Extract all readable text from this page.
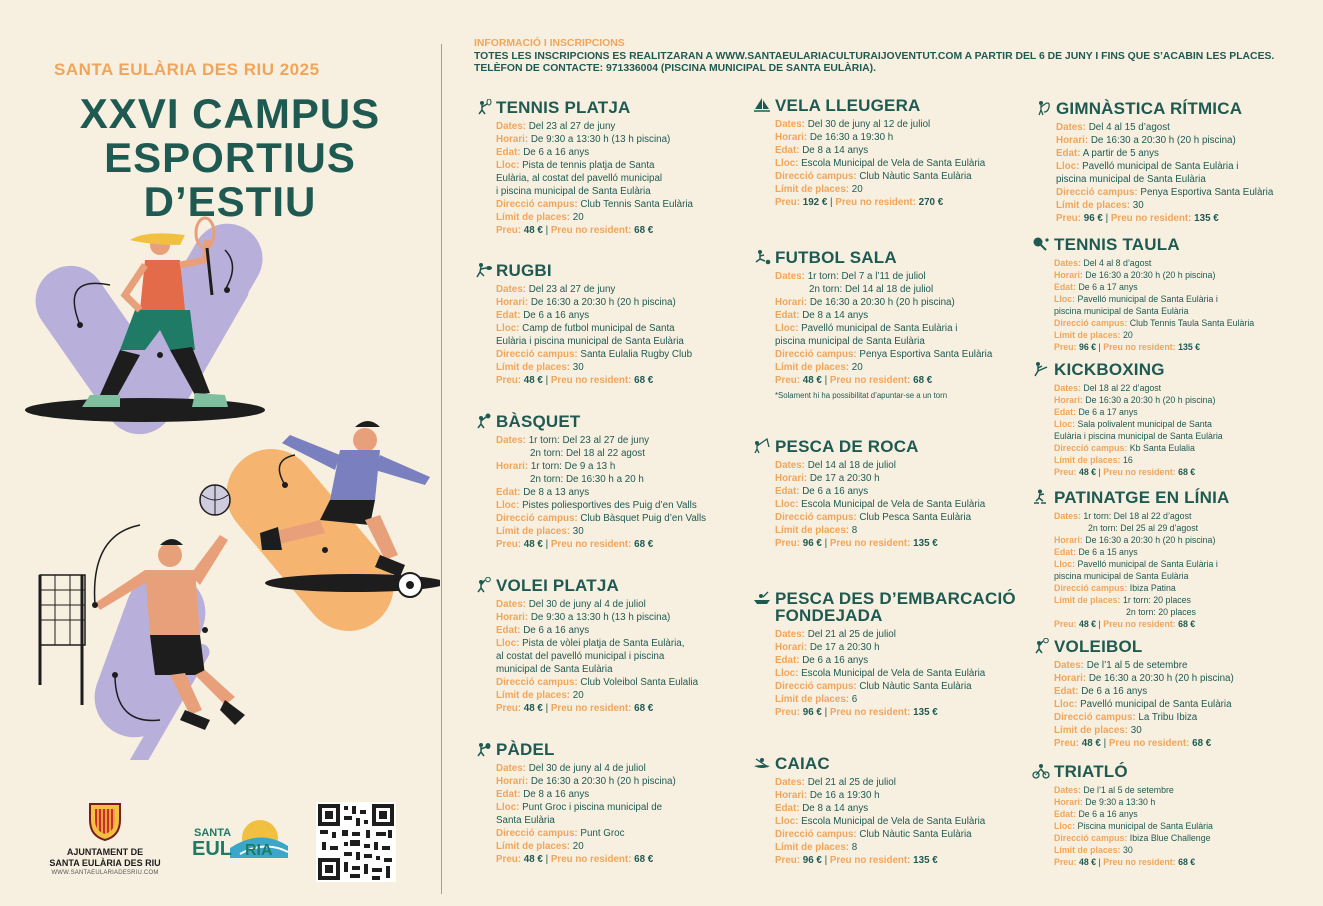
SANTA EULÀRIA DES RIU 2025
XXVI CAMPUS
ESPORTIUS
D’ESTIU
AJUNTAMENT DE
SANTA EULÀRIA DES RIU
WWW.SANTAEULARIADESRIU.COM
SANTA
EUL RIA
INFORMACIÓ I INSCRIPCIONS
TOTES LES INSCRIPCIONS ES REALITZARAN A WWW.SANTAEULARIACULTURAIJOVENTUT.COM A PARTIR DEL 6 DE JUNY I FINS QUE S’ACABIN LES PLACES.
TELÈFON DE CONTACTE: 971336004 (PISCINA MUNICIPAL DE SANTA EULÀRIA).
TENNIS PLATJA
Dates: Del 23 al 27 de juny
Horari: De 9:30 a 13:30 h (13 h piscina)
Edat: De 6 a 16 anys
Lloc: Pista de tennis platja de Santa
Eulària, al costat del pavelló municipal
i piscina municipal de Santa Eulària
Direcció campus: Club Tennis Santa Eulària
Límit de places: 20
Preu: 48 € | Preu no resident: 68 €
RUGBI
Dates: Del 23 al 27 de juny
Horari: De 16:30 a 20:30 h (20 h piscina)
Edat: De 6 a 16 anys
Lloc: Camp de futbol municipal de Santa
Eulària i piscina municipal de Santa Eulària
Direcció campus: Santa Eulalia Rugby Club
Límit de places: 30
Preu: 48 € | Preu no resident: 68 €
BÀSQUET
Dates: 1r torn: Del 23 al 27 de juny
2n torn: Del 18 al 22 agost
Horari: 1r torn: De 9 a 13 h
2n torn: De 16:30 h a 20 h
Edat: De 8 a 13 anys
Lloc: Pistes poliesportives des Puig d’en Valls
Direcció campus: Club Bàsquet Puig d’en Valls
Límit de places: 30
Preu: 48 € | Preu no resident: 68 €
VOLEI PLATJA
Dates: Del 30 de juny al 4 de juliol
Horari: De 9:30 a 13:30 h (13 h piscina)
Edat: De 6 a 16 anys
Lloc: Pista de vòlei platja de Santa Eulària,
al costat del pavelló municipal i piscina
municipal de Santa Eulària
Direcció campus: Club Voleibol Santa Eulalia
Límit de places: 20
Preu: 48 € | Preu no resident: 68 €
PÀDEL
Dates: Del 30 de juny al 4 de juliol
Horari: De 16:30 a 20:30 h (20 h piscina)
Edat: De 8 a 16 anys
Lloc: Punt Groc i piscina municipal de
Santa Eulària
Direcció campus: Punt Groc
Límit de places: 20
Preu: 48 € | Preu no resident: 68 €
VELA LLEUGERA
Dates: Del 30 de juny al 12 de juliol
Horari: De 16:30 a 19:30 h
Edat: De 8 a 14 anys
Lloc: Escola Municipal de Vela de Santa Eulària
Direcció campus: Club Nàutic Santa Eulària
Límit de places: 20
Preu: 192 € | Preu no resident: 270 €
FUTBOL SALA
Dates: 1r torn: Del 7 a l’11 de juliol
2n torn: Del 14 al 18 de juliol
Horari: De 16:30 a 20:30 h (20 h piscina)
Edat: De 8 a 14 anys
Lloc: Pavelló municipal de Santa Eulària i
piscina municipal de Santa Eulària
Direcció campus: Penya Esportiva Santa Eulària
Límit de places: 20
Preu: 48 € | Preu no resident: 68 €
*Solament hi ha possibilitat d’apuntar-se a un torn
PESCA DE ROCA
Dates: Del 14 al 18 de juliol
Horari: De 17 a 20:30 h
Edat: De 6 a 16 anys
Lloc: Escola Municipal de Vela de Santa Eulària
Direcció campus: Club Pesca Santa Eulària
Límit de places: 8
Preu: 96 € | Preu no resident: 135 €
PESCA DES D’EMBARCACIÓ
FONDEJADA
Dates: Del 21 al 25 de juliol
Horari: De 17 a 20:30 h
Edat: De 6 a 16 anys
Lloc: Escola Municipal de Vela de Santa Eulària
Direcció campus: Club Nàutic Santa Eulària
Límit de places: 6
Preu: 96 € | Preu no resident: 135 €
CAIAC
Dates: Del 21 al 25 de juliol
Horari: De 16 a 19:30 h
Edat: De 8 a 14 anys
Lloc: Escola Municipal de Vela de Santa Eulària
Direcció campus: Club Nàutic Santa Eulària
Límit de places: 8
Preu: 96 € | Preu no resident: 135 €
GIMNÀSTICA RÍTMICA
Dates: Del 4 al 15 d’agost
Horari: De 16:30 a 20:30 h (20 h piscina)
Edat: A partir de 5 anys
Lloc: Pavelló municipal de Santa Eulària i
piscina municipal de Santa Eulària
Direcció campus: Penya Esportiva Santa Eulària
Límit de places: 30
Preu: 96 € | Preu no resident: 135 €
TENNIS TAULA
Dates: Del 4 al 8 d’agost
Horari: De 16:30 a 20:30 h (20 h piscina)
Edat: De 6 a 17 anys
Lloc: Pavelló municipal de Santa Eulària i
piscina municipal de Santa Eulària
Direcció campus: Club Tennis Taula Santa Eulària
Límit de places: 20
Preu: 96 € | Preu no resident: 135 €
KICKBOXING
Dates: Del 18 al 22 d’agost
Horari: De 16:30 a 20:30 h (20 h piscina)
Edat: De 6 a 17 anys
Lloc: Sala polivalent municipal de Santa
Eulària i piscina municipal de Santa Eulària
Direcció campus: Kb Santa Eulalia
Límit de places: 16
Preu: 48 € | Preu no resident: 68 €
PATINATGE EN LÍNIA
Dates: 1r torn: Del 18 al 22 d’agost
2n torn: Del 25 al 29 d’agost
Horari: De 16:30 a 20:30 h (20 h piscina)
Edat: De 6 a 15 anys
Lloc: Pavelló municipal de Santa Eulària i
piscina municipal de Santa Eulària
Direcció campus: Ibiza Patina
Límit de places: 1r torn: 20 places
2n torn: 20 places
Preu: 48 € | Preu no resident: 68 €
VOLEIBOL
Dates: De l’1 al 5 de setembre
Horari: De 16:30 a 20:30 h (20 h piscina)
Edat: De 6 a 16 anys
Lloc: Pavelló municipal de Santa Eulària
Direcció campus: La Tribu Ibiza
Límit de places: 30
Preu: 48 € | Preu no resident: 68 €
TRIATLÓ
Dates: De l’1 al 5 de setembre
Horari: De 9:30 a 13:30 h
Edat: De 6 a 16 anys
Lloc: Piscina municipal de Santa Eulària
Direcció campus: Ibiza Blue Challenge
Límit de places: 30
Preu: 48 € | Preu no resident: 68 €
